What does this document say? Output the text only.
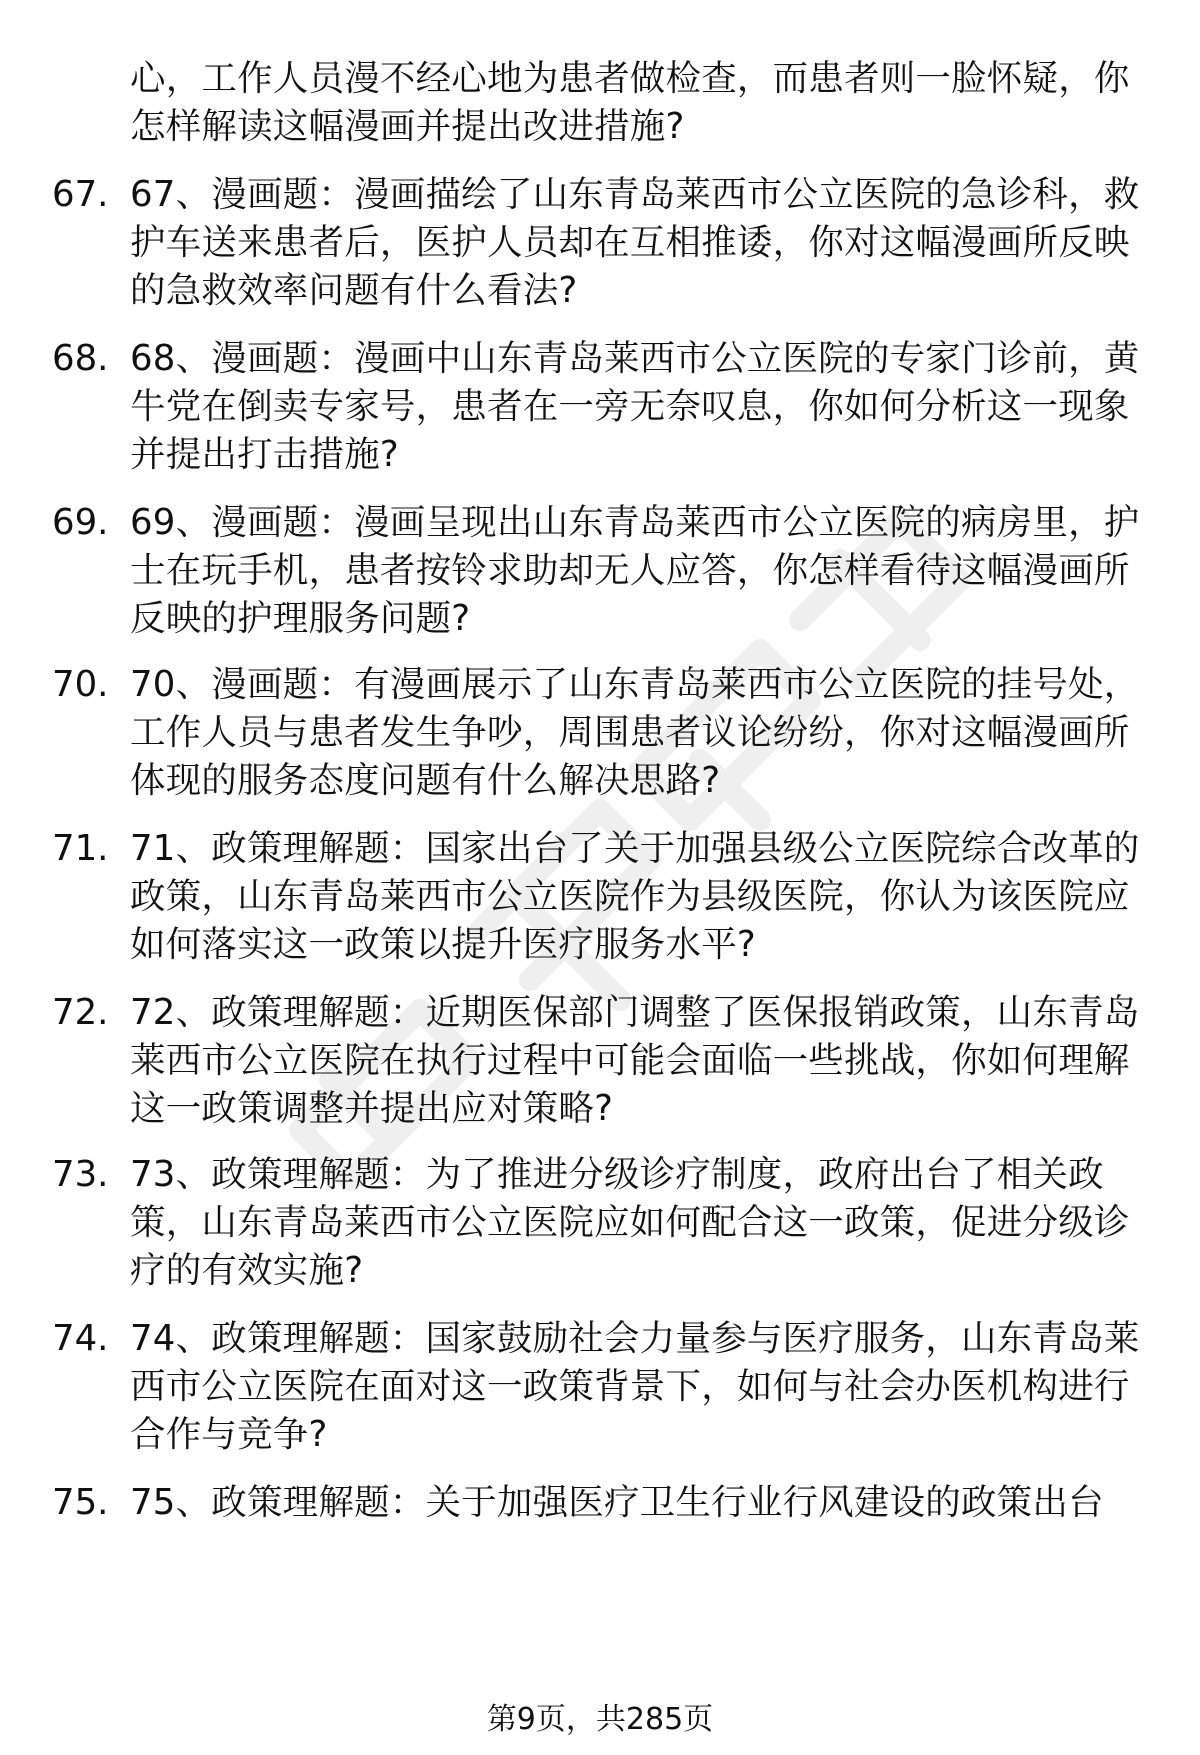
心，工作人员漫不经心地为患者做检查，而患者则一脸怀疑，你
怎样解读这幅漫画并提出改进措施?
67. 67、漫画题：漫画描绘了山东青岛莱西市公立医院的急诊科，救
护车送来患者后，医护人员却在互相推诿，你对这幅漫画所反映
的急救效率问题有什么看法?
68. 68、漫画题：漫画中山东青岛莱西市公立医院的专家门诊前，黄
牛党在倒卖专家号，患者在一旁无奈叹息，你如何分析这一现象
并提出打击措施?
69. 69、漫画题：漫画呈现出山东青岛莱西市公立医院的病房里，护
士在玩手机，患者按铃求助却无人应答，你怎样看待这幅漫画所
反映的护理服务问题?
70. 70、漫画题：有漫画展示了山东青岛莱西市公立医院的挂号处，
工作人员与患者发生争吵，周围患者议论纷纷，你对这幅漫画所
体现的服务态度问题有什么解决思路?
71. 71、政策理解题：国家出台了关于加强县级公立医院综合改革的
政策，山东青岛莱西市公立医院作为县级医院，你认为该医院应
如何落实这一政策以提升医疗服务水平?
72. 72、政策理解题：近期医保部门调整了医保报销政策，山东青岛
莱西市公立医院在执行过程中可能会面临一些挑战，你如何理解
这一政策调整并提出应对策略?
73. 73、政策理解题：为了推进分级诊疗制度，政府出台了相关政
策，山东青岛莱西市公立医院应如何配合这一政策，促进分级诊
疗的有效实施?
74. 74、政策理解题：国家鼓励社会力量参与医疗服务，山东青岛莱
西市公立医院在面对这一政策背景下，如何与社会办医机构进行
合作与竞争?
75. 75、政策理解题：关于加强医疗卫生行业行风建设的政策出台
第9页，共285页
